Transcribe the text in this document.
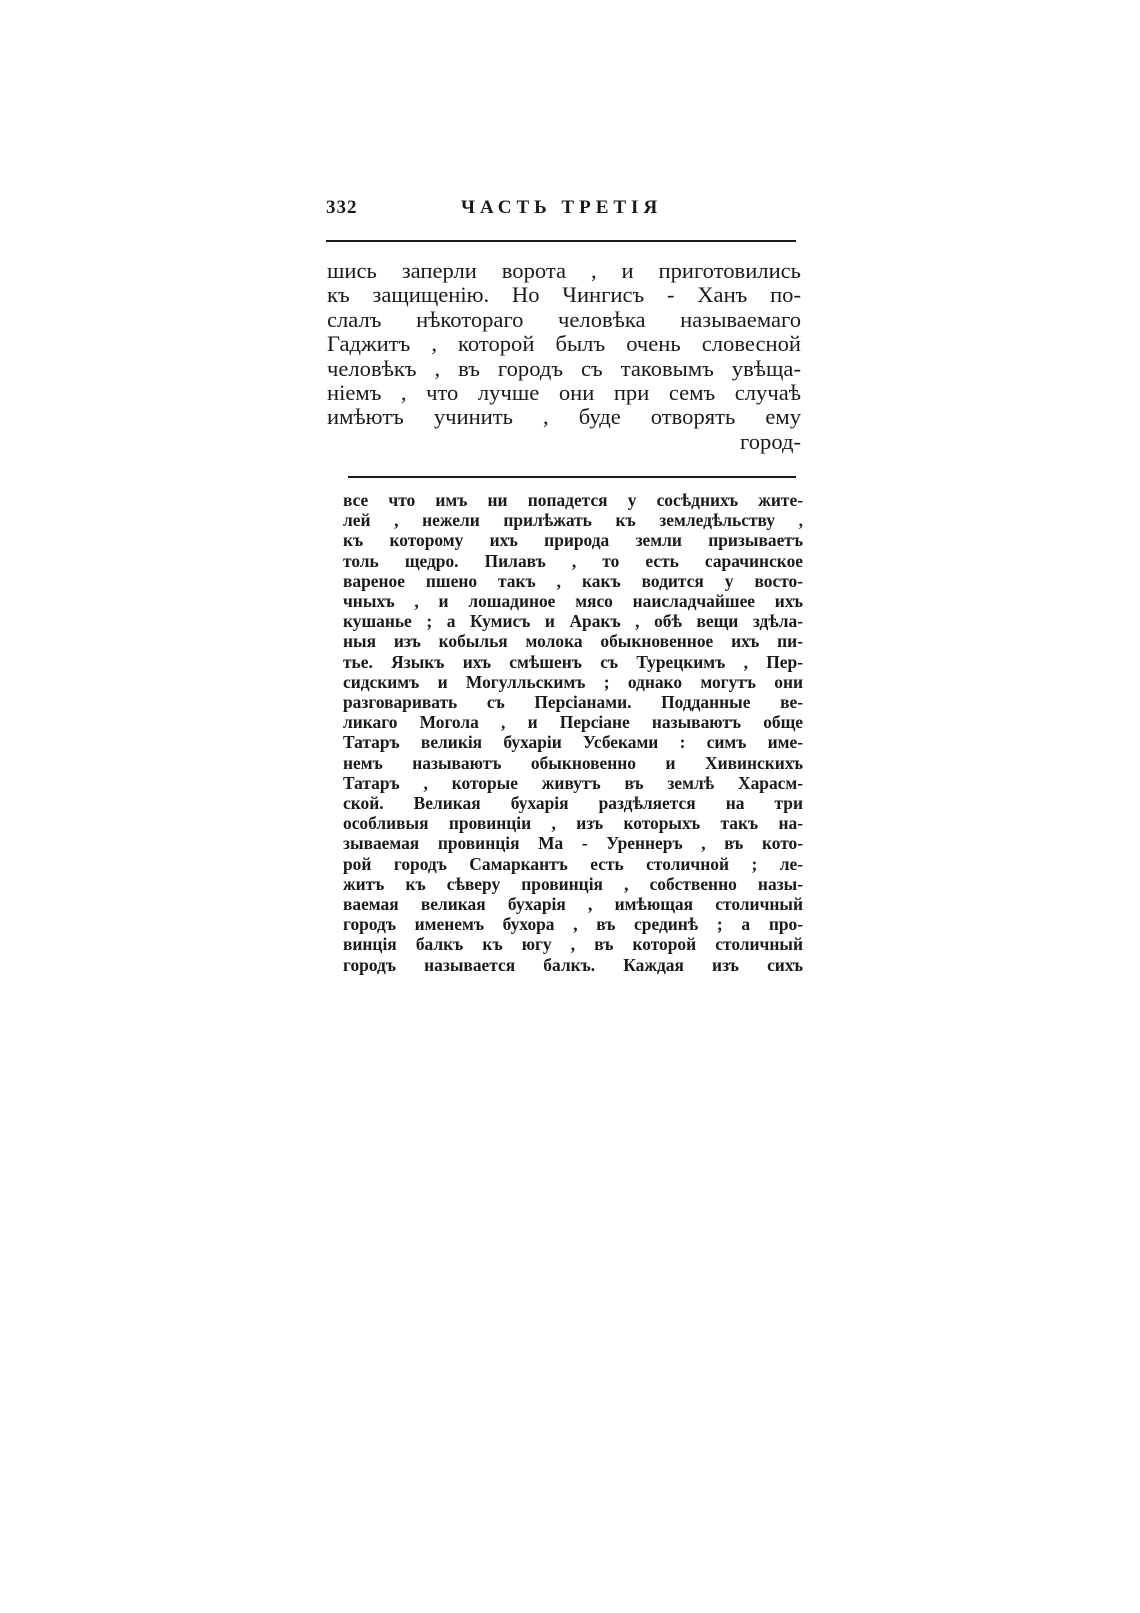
332	ЧАСТЬ ТРЕТІЯ
шись заперли ворота , и приготовились
къ защищенію. Но Чингисъ - Ханъ по-
слалъ нѣкотораго человѣка называемаго
Гаджитъ , которой былъ очень словесной
человѣкъ , въ городъ съ таковымъ увѣща-
ніемъ , что лучше они при семъ случаѣ
имѣютъ учинить , буде отворять ему
город-
все что имъ ни попадется у сосѣднихъ жите-
лей , нежели прилѣжать къ земледѣльству ,
къ которому ихъ природа земли призываетъ
толь щедро. Пилавъ , то есть сарачинское
вареное пшено такъ , какъ водится у восто-
чныхъ , и лошадиное мясо наисладчайшее ихъ
кушанье ; а Кумисъ и Аракъ , обѣ вещи здѣла-
ныя изъ кобылья молока обыкновенное ихъ пи-
тье. Языкъ ихъ смѣшенъ съ Турецкимъ , Пер-
сидскимъ и Могулльскимъ ; однако могутъ они
разговаривать съ Персіанами. Подданные ве-
ликаго Могола , и Персіане называютъ обще
Татаръ великія бухаріи Усбеками : симъ име-
немъ называютъ обыкновенно и Хивинскихъ
Татаръ , которые живутъ въ землѣ Харасм-
ской. Великая бухарія раздѣляется на три
особливыя провинціи , изъ которыхъ такъ на-
зываемая провинція Ма - Уреннеръ , въ кото-
рой городъ Самаркантъ есть столичной ; ле-
житъ къ сѣверу провинція , собственно назы-
ваемая великая бухарія , имѣющая столичный
городъ именемъ бухора , въ срединѣ ; а про-
винція балкъ къ югу , въ которой столичный
городъ называется балкъ. Каждая изъ сихъ
